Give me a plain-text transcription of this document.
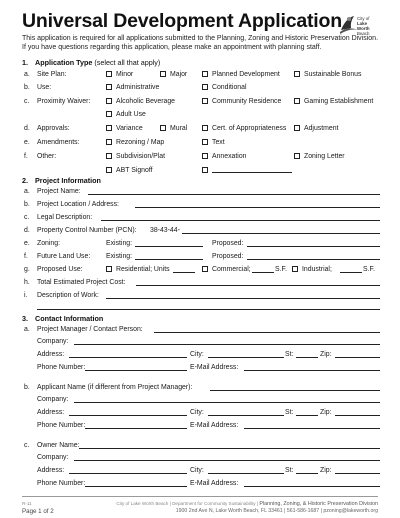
Universal Development Application	City of
Lake
Worth
Beach
This application is required for all applications submitted to the Planning, Zoning and Historic Preservation Division. If you have questions regarding this application, please make an appointment with planning staff.
1. Application Type (select all that apply)
a. Site Plan:	Minor	Major	Planned Development	Sustainable Bonus
b. Use:	Administrative	Conditional
c. Proximity Waiver:	Alcoholic Beverage	Community Residence	Gaming Establishment
Adult Use
d. Approvals:	Variance	Mural	Cert. of Appropriateness	Adjustment
e. Amendments:	Rezoning / Map	Text
f. Other:	Subdivision/Plat	Annexation	Zoning Letter
ABT Signoff
2. Project Information
a. Project Name:
b. Project Location / Address:
c. Legal Description:
d. Property Control Number (PCN): 38-43-44-
e. Zoning:	Existing:	Proposed:
f. Future Land Use: Existing:	Proposed:
g. Proposed Use:	Residential; Units	Commercial;	S.F.	Industrial;	S.F.
h. Total Estimated Project Cost:
i. Description of Work:
3. Contact Information
a. Project Manager / Contact Person:
Company:
Address:	City:	St:	Zip:
Phone Number:	E-Mail Address:
b. Applicant Name (if different from Project Manager):
Company:
Address:	City:	St:	Zip:
Phone Number:	E-Mail Address:
c. Owner Name:
Company:
Address:	City:	St:	Zip:
Phone Number:	E-Mail Address:
R-11
Page 1 of 2
City of Lake Worth Beach | Department for Community Sustainability | Planning, Zoning, & Historic Preservation Division
1900 2nd Ave N, Lake Worth Beach, FL 33461 | 561-586-1687 | pzoning@lakeworth.org
